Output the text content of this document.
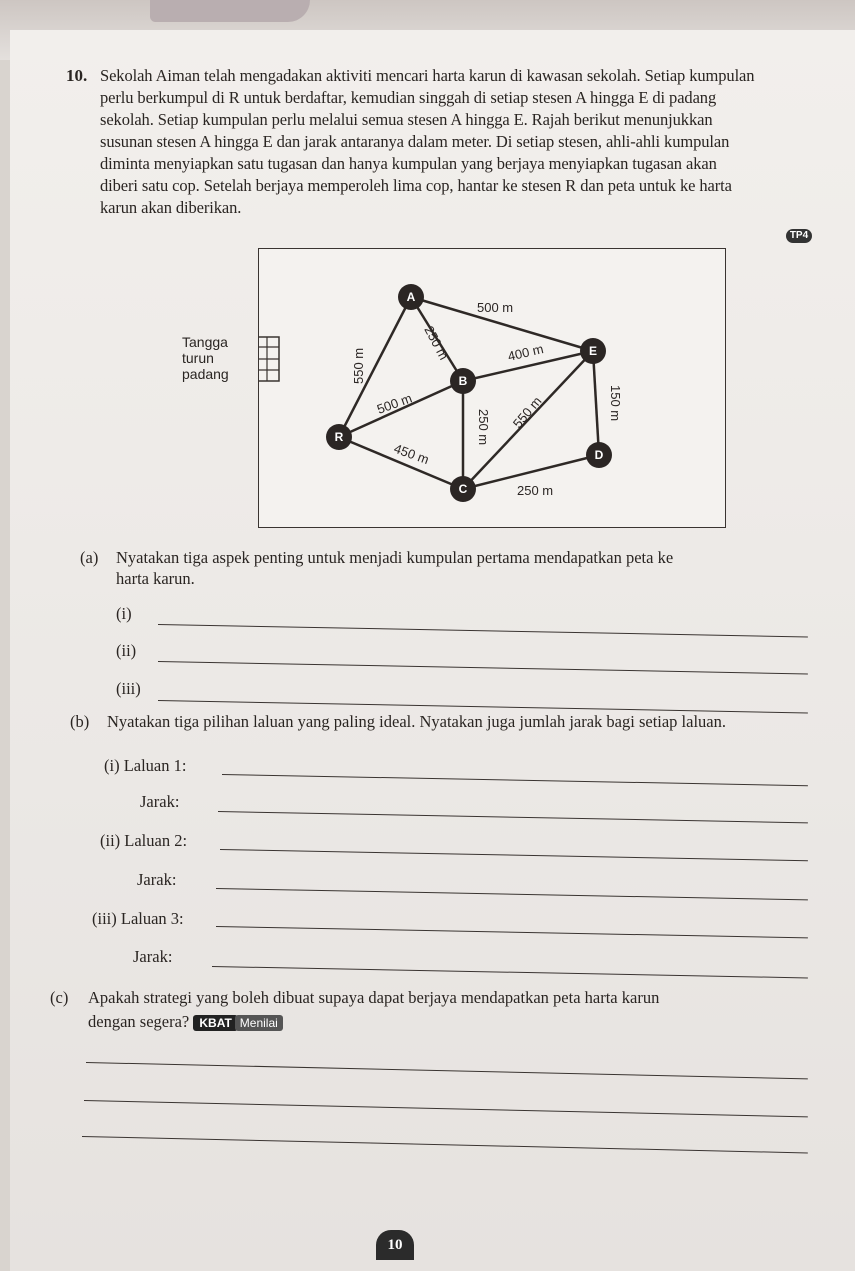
10. Sekolah Aiman telah mengadakan aktiviti mencari harta karun di kawasan sekolah. Setiap kumpulan
perlu berkumpul di R untuk berdaftar, kemudian singgah di setiap stesen A hingga E di padang
sekolah. Setiap kumpulan perlu melalui semua stesen A hingga E. Rajah berikut menunjukkan
susunan stesen A hingga E dan jarak antaranya dalam meter. Di setiap stesen, ahli-ahli kumpulan
diminta menyiapkan satu tugasan dan hanya kumpulan yang berjaya menyiapkan tugasan akan
diberi satu cop. Setelah berjaya memperoleh lima cop, hantar ke stesen R dan peta untuk ke harta
karun akan diberikan.
TP4
A
B
C
D
E
R
500 m
250 m
550 m	400 m
500 m
450 m
250 m 550 m	150 m
250 m
Tangga
turun
padang
(a) Nyatakan tiga aspek penting untuk menjadi kumpulan pertama mendapatkan peta ke
harta karun.
(i)
(ii)
(iii)
(b) Nyatakan tiga pilihan laluan yang paling ideal. Nyatakan juga jumlah jarak bagi setiap laluan.
(i) Laluan 1:
Jarak:
(ii) Laluan 2:
Jarak:
(iii) Laluan 3:
Jarak:
(c) Apakah strategi yang boleh dibuat supaya dapat berjaya mendapatkan peta harta karun
dengan segera? KBAT Menilai
10
